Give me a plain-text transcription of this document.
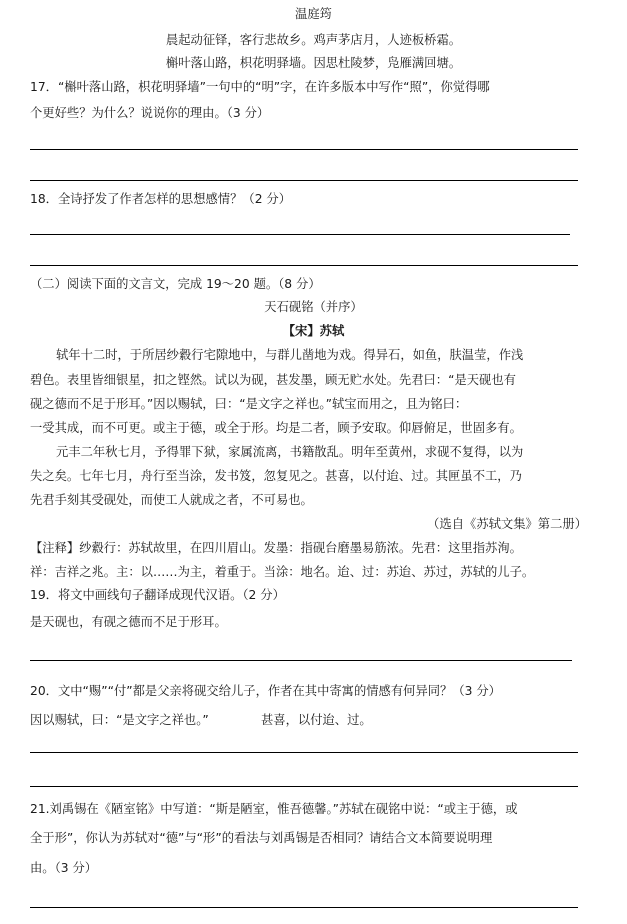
温庭筠
晨起动征铎，客行悲故乡。鸡声茅店月，人迹板桥霜。
槲叶落山路，枳花明驿墙。因思杜陵梦，凫雁满回塘。
17．“槲叶落山路，枳花明驿墙”一句中的“明”字，在许多版本中写作“照”，你觉得哪
个更好些？为什么？说说你的理由。（3 分）
18．全诗抒发了作者怎样的思想感情？（2 分）
（二）阅读下面的文言文，完成 19～20 题。（8 分）
天石砚铭（并序）
【宋】苏轼
轼年十二时，于所居纱縠行宅隙地中，与群儿凿地为戏。得异石，如鱼，肤温莹，作浅
碧色。表里皆细银星，扣之铿然。试以为砚，甚发墨，顾无贮水处。先君曰：“是天砚也有
砚之德而不足于形耳。”因以赐轼，曰：“是文字之祥也。”轼宝而用之，且为铭曰：
一受其成，而不可更。或主于德，或全于形。均是二者，顾予安取。仰唇俯足，世固多有。
元丰二年秋七月，予得罪下狱，家属流离，书籍散乱。明年至黄州，求砚不复得，以为
失之矣。七年七月，舟行至当涂，发书笈，忽复见之。甚喜，以付迨、过。其匣虽不工，乃
先君手刻其受砚处，而使工人就成之者，不可易也。
（选自《苏轼文集》第二册）
【注释】纱縠行：苏轼故里，在四川眉山。发墨：指砚台磨墨易筋浓。先君：这里指苏洵。
祥：吉祥之兆。主：以……为主，着重于。当涂：地名。迨、过：苏迨、苏过，苏轼的儿子。
19．将文中画线句子翻译成现代汉语。（2 分）
是天砚也，有砚之德而不足于形耳。
20．文中“赐”“付”都是父亲将砚交给儿子，作者在其中寄寓的情感有何异同？（3 分）
因以赐轼，曰：“是文字之祥也。”	甚喜，以付迨、过。
21.刘禹锡在《陋室铭》中写道：“斯是陋室，惟吾德馨。”苏轼在砚铭中说：“或主于德，或
全于形”，你认为苏轼对“德”与“形”的看法与刘禹锡是否相同？请结合文本简要说明理
由。（3 分）
